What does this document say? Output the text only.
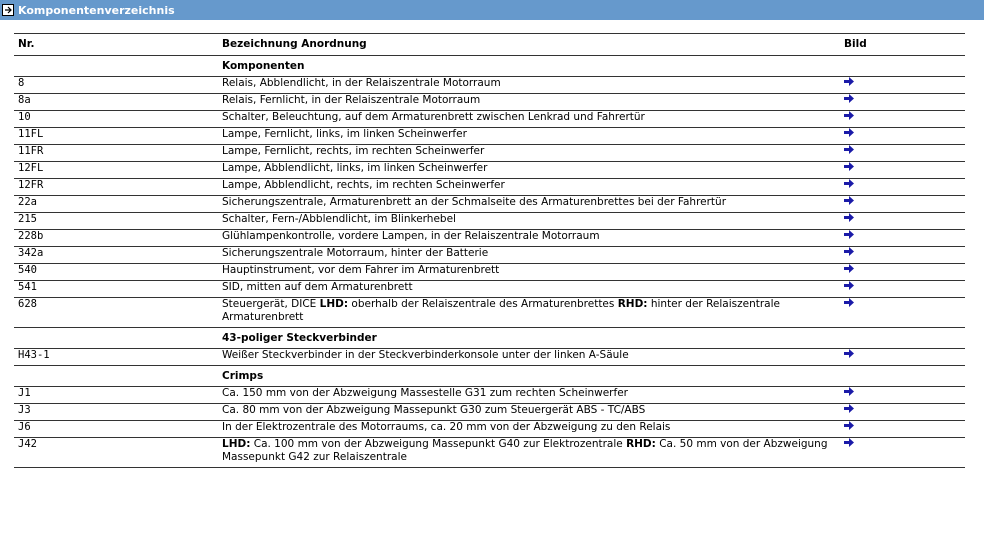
Komponentenverzeichnis
Nr.	Bezeichnung Anordnung	Bild
	Komponenten	
8	Relais, Abblendlicht, in der Relaiszentrale Motorraum	
8a	Relais, Fernlicht, in der Relaiszentrale Motorraum	
10	Schalter, Beleuchtung, auf dem Armaturenbrett zwischen Lenkrad und Fahrertür	
11FL	Lampe, Fernlicht, links, im linken Scheinwerfer	
11FR	Lampe, Fernlicht, rechts, im rechten Scheinwerfer	
12FL	Lampe, Abblendlicht, links, im linken Scheinwerfer	
12FR	Lampe, Abblendlicht, rechts, im rechten Scheinwerfer	
22a	Sicherungszentrale, Armaturenbrett an der Schmalseite des Armaturenbrettes bei der Fahrertür	
215	Schalter, Fern-/Abblendlicht, im Blinkerhebel	
228b	Glühlampenkontrolle, vordere Lampen, in der Relaiszentrale Motorraum	
342a	Sicherungszentrale Motorraum, hinter der Batterie	
540	Hauptinstrument, vor dem Fahrer im Armaturenbrett	
541	SID, mitten auf dem Armaturenbrett	
628	Steuergerät, DICE LHD: oberhalb der Relaiszentrale des Armaturenbrettes RHD: hinter der Relaiszentrale Armaturenbrett	
	43-poliger Steckverbinder	
H43-1	Weißer Steckverbinder in der Steckverbinderkonsole unter der linken A-Säule	
	Crimps	
J1	Ca. 150 mm von der Abzweigung Massestelle G31 zum rechten Scheinwerfer	
J3	Ca. 80 mm von der Abzweigung Massepunkt G30 zum Steuergerät ABS - TC/ABS	
J6	In der Elektrozentrale des Motorraums, ca. 20 mm von der Abzweigung zu den Relais	
J42	LHD: Ca. 100 mm von der Abzweigung Massepunkt G40 zur Elektrozentrale RHD: Ca. 50 mm von der Abzweigung Massepunkt G42 zur Relaiszentrale	
